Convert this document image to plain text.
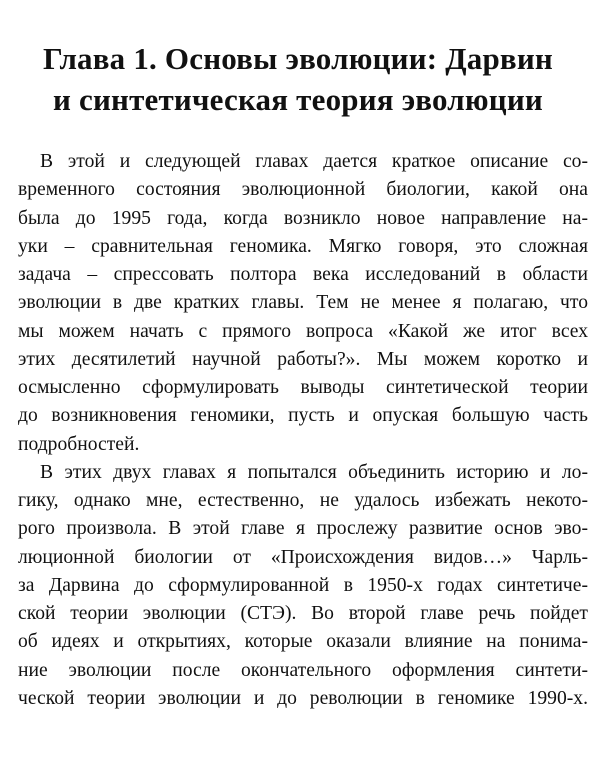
Глава 1. Основы эволюции: Дарвин
и синтетическая теория эволюции

В этой и следующей главах дается краткое описание со-
временного состояния эволюционной биологии, какой она
была до 1995 года, когда возникло новое направление на-
уки – сравнительная геномика. Мягко говоря, это сложная
задача – спрессовать полтора века исследований в области
эволюции в две кратких главы. Тем не менее я полагаю, что
мы можем начать с прямого вопроса «Какой же итог всех
этих десятилетий научной работы?». Мы можем коротко и
осмысленно сформулировать выводы синтетической теории
до возникновения геномики, пусть и опуская большую часть
подробностей.

В этих двух главах я попытался объединить историю и ло-
гику, однако мне, естественно, не удалось избежать некото-
рого произвола. В этой главе я прослежу развитие основ эво-
люционной биологии от «Происхождения видов…» Чарль-
за Дарвина до сформулированной в 1950-х годах синтетиче-
ской теории эволюции (СТЭ). Во второй главе речь пойдет
об идеях и открытиях, которые оказали влияние на понима-
ние эволюции после окончательного оформления синтети-
ческой теории эволюции и до революции в геномике 1990-х.
